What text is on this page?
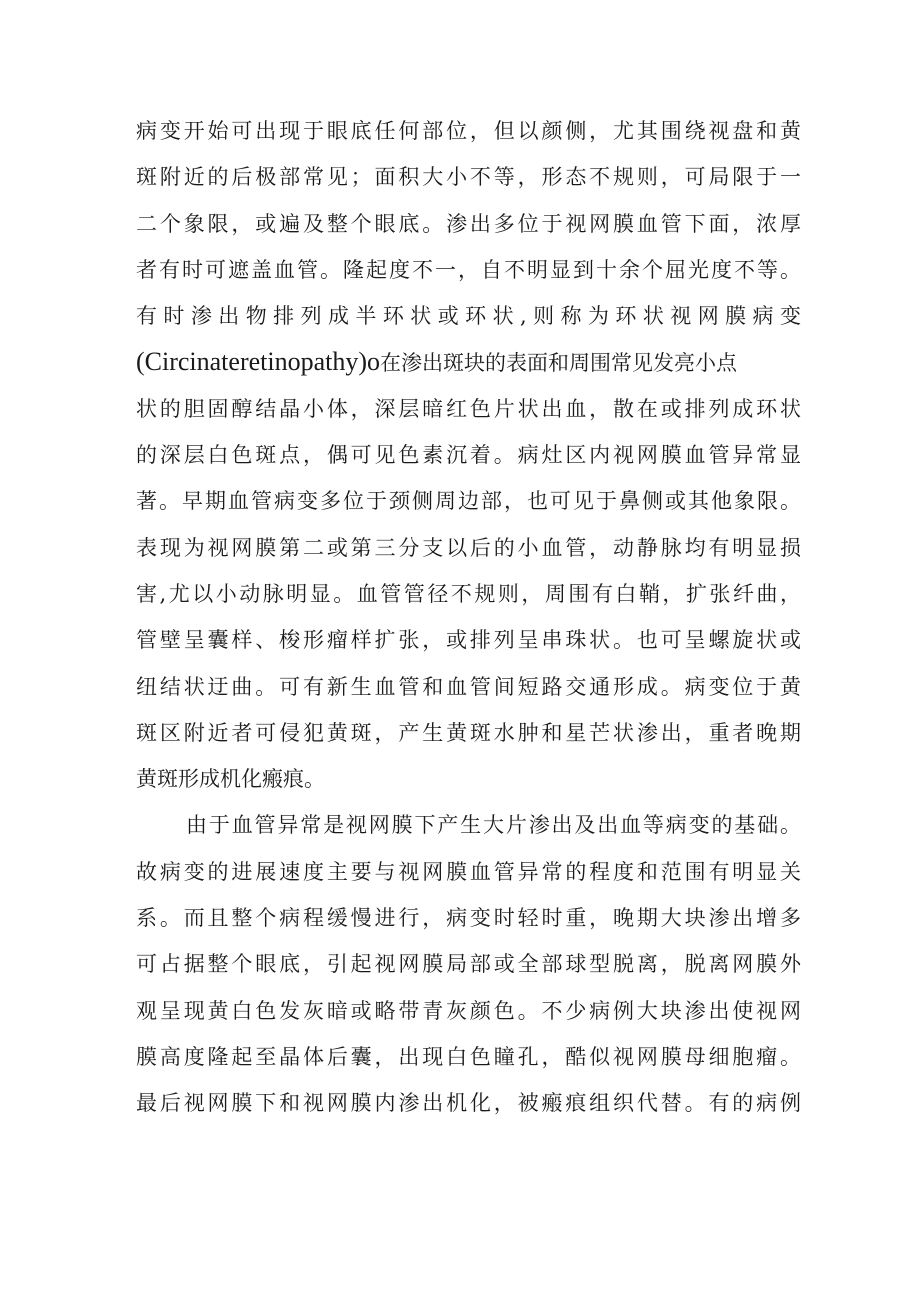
病变开始可出现于眼底任何部位，但以颜侧，尤其围绕视盘和黄
斑附近的后极部常见；面积大小不等，形态不规则，可局限于一
二个象限，或遍及整个眼底。渗出多位于视网膜血管下面，浓厚
者有时可遮盖血管。隆起度不一，自不明显到十余个屈光度不等。
有时渗出物排列成半环状或环状,则称为环状视网膜病变
(Circinateretinopathy)o在渗出斑块的表面和周围常见发亮小点
状的胆固醇结晶小体，深层暗红色片状出血，散在或排列成环状
的深层白色斑点，偶可见色素沉着。病灶区内视网膜血管异常显
著。早期血管病变多位于颈侧周边部，也可见于鼻侧或其他象限。
表现为视网膜第二或第三分支以后的小血管，动静脉均有明显损
害,尤以小动脉明显。血管管径不规则，周围有白鞘，扩张纤曲，
管壁呈囊样、梭形瘤样扩张，或排列呈串珠状。也可呈螺旋状或
纽结状迂曲。可有新生血管和血管间短路交通形成。病变位于黄
斑区附近者可侵犯黄斑，产生黄斑水肿和星芒状渗出，重者晚期
黄斑形成机化瘢痕。
由于血管异常是视网膜下产生大片渗出及出血等病变的基础。
故病变的进展速度主要与视网膜血管异常的程度和范围有明显关
系。而且整个病程缓慢进行，病变时轻时重，晚期大块渗出增多
可占据整个眼底，引起视网膜局部或全部球型脱离，脱离网膜外
观呈现黄白色发灰暗或略带青灰颜色。不少病例大块渗出使视网
膜高度隆起至晶体后囊，出现白色瞳孔，酷似视网膜母细胞瘤。
最后视网膜下和视网膜内渗出机化，被瘢痕组织代替。有的病例
